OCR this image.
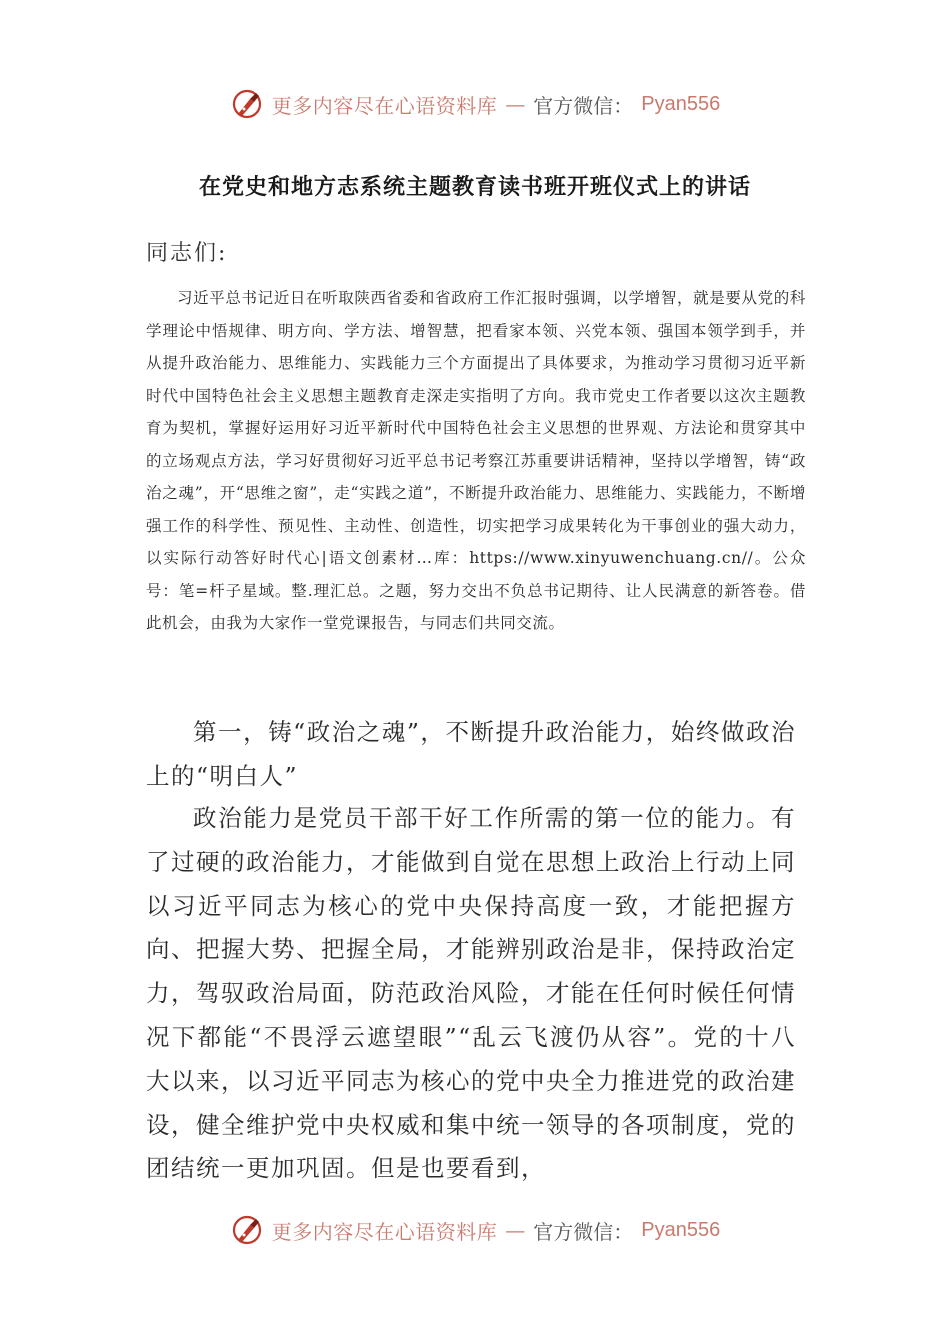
更多内容尽在心语资料库 — 官方微信： Pyan556
在党史和地方志系统主题教育读书班开班仪式上的讲话
同志们:

习近平总书记近日在听取陕西省委和省政府工作汇报时强调，以学增智，就是要从党的科学理论中悟规律、明方向、学方法、增智慧，把看家本领、兴党本领、强国本领学到手，并从提升政治能力、思维能力、实践能力三个方面提出了具体要求，为推动学习贯彻习近平新时代中国特色社会主义思想主题教育走深走实指明了方向。我市党史工作者要以这次主题教育为契机，掌握好运用好习近平新时代中国特色社会主义思想的世界观、方法论和贯穿其中的立场观点方法，学习好贯彻好习近平总书记考察江苏重要讲话精神，坚持以学增智，铸“政治之魂”，开“思维之窗”，走“实践之道”，不断提升政治能力、思维能力、实践能力，不断增强工作的科学性、预见性、主动性、创造性，切实把学习成果转化为干事创业的强大动力，以实际行动答好时代心|语文创素材…库：https://www.xinyuwenchuang.cn//。公众号：笔=杆子星域。整.理汇总。之题，努力交出不负总书记期待、让人民满意的新答卷。借此机会，由我为大家作一堂党课报告，与同志们共同交流。

第一，铸“政治之魂”，不断提升政治能力，始终做政治上的“明白人”

政治能力是党员干部干好工作所需的第一位的能力。有了过硬的政治能力，才能做到自觉在思想上政治上行动上同以习近平同志为核心的党中央保持高度一致，才能把握方向、把握大势、把握全局，才能辨别政治是非，保持政治定力，驾驭政治局面，防范政治风险，才能在任何时候任何情况下都能“不畏浮云遮望眼”“乱云飞渡仍从容”。党的十八大以来，以习近平同志为核心的党中央全力推进党的政治建设，健全维护党中央权威和集中统一领导的各项制度，党的团结统一更加巩固。但是也要看到，

更多内容尽在心语资料库 — 官方微信： Pyan556
